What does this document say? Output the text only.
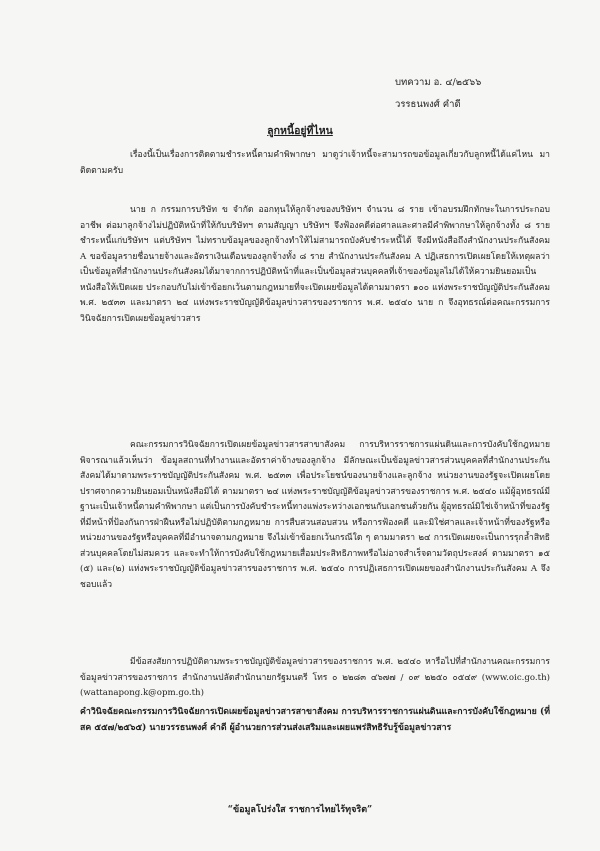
บทความ อ. ๔/๒๕๖๖
วรรธนพงศ์ คำดี
ลูกหนี้อยู่ที่ไหน

เรื่องนี้เป็นเรื่องการติดตามชำระหนี้ตามคำพิพากษา มาดูว่าเจ้าหนี้จะสามารถขอข้อมูลเกี่ยวกับลูกหนี้ได้แค่ไหน มาติดตามครับ

นาย ก กรรมการบริษัท ข จำกัด ออกทุนให้ลูกจ้างของบริษัทฯ จำนวน ๘ ราย เข้าอบรมฝึกทักษะในการประกอบอาชีพ ต่อมาลูกจ้างไม่ปฏิบัติหน้าที่ให้กับบริษัทฯ ตามสัญญา บริษัทฯ จึงฟ้องคดีต่อศาลและศาลมีคำพิพากษาให้ลูกจ้างทั้ง ๘ ราย ชำระหนี้แก่บริษัทฯ แต่บริษัทฯ ไม่ทราบข้อมูลของลูกจ้างทำให้ไม่สามารถบังคับชำระหนี้ได้ จึงมีหนังสือถึงสำนักงานประกันสังคม A ขอข้อมูลรายชื่อนายจ้างและอัตราเงินเดือนของลูกจ้างทั้ง ๘ ราย สำนักงานประกันสังคม A ปฏิเสธการเปิดเผยโดยให้เหตุผลว่า เป็นข้อมูลที่สำนักงานประกันสังคมได้มาจากการปฏิบัติหน้าที่และเป็นข้อมูลส่วนบุคคลที่เจ้าของข้อมูลไม่ได้ให้ความยินยอมเป็นหนังสือให้เปิดเผย ประกอบกับไม่เข้าข้อยกเว้นตามกฎหมายที่จะเปิดเผยข้อมูลได้ตามมาตรา ๑๐๐ แห่งพระราชบัญญัติประกันสังคม พ.ศ. ๒๕๓๓ และมาตรา ๒๔ แห่งพระราชบัญญัติข้อมูลข่าวสารของราชการ พ.ศ. ๒๕๔๐ นาย ก จึงอุทธรณ์ต่อคณะกรรมการวินิจฉัยการเปิดเผยข้อมูลข่าวสาร

คณะกรรมการวินิจฉัยการเปิดเผยข้อมูลข่าวสารสาขาสังคม การบริหารราชการแผ่นดินและการบังคับใช้กฎหมาย พิจารณาแล้วเห็นว่า ข้อมูลสถานที่ทำงานและอัตราค่าจ้างของลูกจ้าง มีลักษณะเป็นข้อมูลข่าวสารส่วนบุคคลที่สำนักงานประกันสังคมได้มาตามพระราชบัญญัติประกันสังคม พ.ศ. ๒๕๓๓ เพื่อประโยชน์ของนายจ้างและลูกจ้าง หน่วยงานของรัฐจะเปิดเผยโดยปราศจากความยินยอมเป็นหนังสือมิได้ ตามมาตรา ๒๔ แห่งพระราชบัญญัติข้อมูลข่าวสารของราชการ พ.ศ. ๒๕๔๐ แม้ผู้อุทธรณ์มีฐานะเป็นเจ้าหนี้ตามคำพิพากษา แต่เป็นการบังคับชำระหนี้ทางแพ่งระหว่างเอกชนกับเอกชนด้วยกัน ผู้อุทธรณ์มิใช่เจ้าหน้าที่ของรัฐที่มีหน้าที่ป้องกันการฝ่าฝืนหรือไม่ปฏิบัติตามกฎหมาย การสืบสวนสอบสวน หรือการฟ้องคดี และมิใช่ศาลและเจ้าหน้าที่ของรัฐหรือหน่วยงานของรัฐหรือบุคคลที่มีอำนาจตามกฎหมาย จึงไม่เข้าข้อยกเว้นกรณีใด ๆ ตามมาตรา ๒๔ การเปิดเผยจะเป็นการรุกล้ำสิทธิส่วนบุคคลโดยไม่สมควร และจะทำให้การบังคับใช้กฎหมายเสื่อมประสิทธิภาพหรือไม่อาจสำเร็จตามวัตถุประสงค์ ตามมาตรา ๑๕ (๕) และ(๒) แห่งพระราชบัญญัติข้อมูลข่าวสารของราชการ พ.ศ. ๒๕๔๐ การปฏิเสธการเปิดเผยของสำนักงานประกันสังคม A จึงชอบแล้ว

มีข้อสงสัยการปฏิบัติตามพระราชบัญญัติข้อมูลข่าวสารของราชการ พ.ศ. ๒๕๔๐ หารือไปที่สำนักงานคณะกรรมการข้อมูลข่าวสารของราชการ สำนักงานปลัดสำนักนายกรัฐมนตรี โทร ๐ ๒๒๘๓ ๔๖๗๗ / ๐๙ ๒๒๕๐ ๐๕๔๙ (www.oic.go.th) (wattanapong.k@opm.go.th)

คำวินิจฉัยคณะกรรมการวินิจฉัยการเปิดเผยข้อมูลข่าวสารสาขาสังคม การบริหารราชการแผ่นดินและการบังคับใช้กฎหมาย (ที่ สค ๕๕๗/๒๕๖๕) นายวรรธนพงศ์ คำดี ผู้อำนวยการส่วนส่งเสริมและเผยแพร่สิทธิรับรู้ข้อมูลข่าวสาร

“ข้อมูลโปร่งใส ราชการไทยไร้ทุจริต”
